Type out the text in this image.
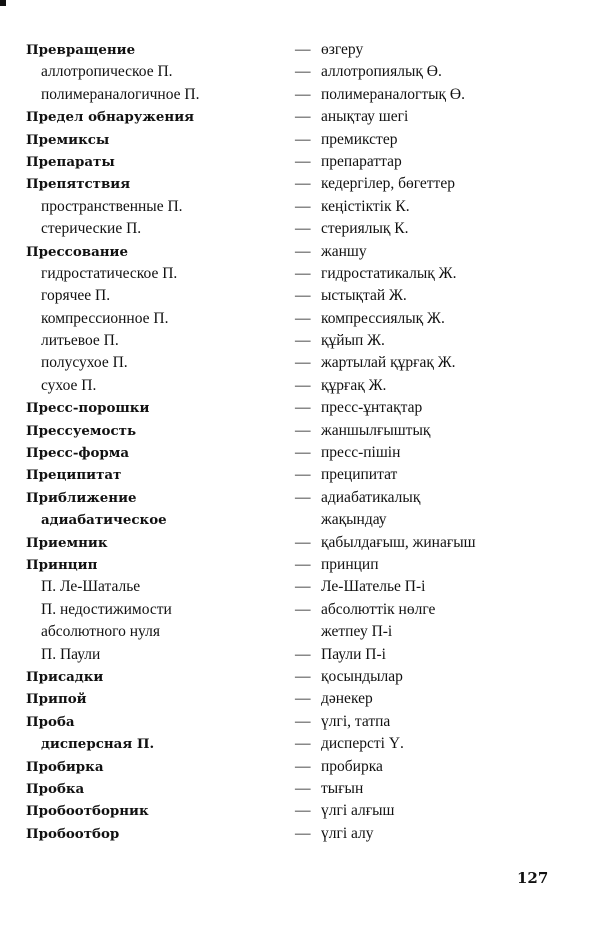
Превращение	— өзгеру
аллотропическое П.	— аллотропиялық Ө.
полимераналогичное П.	— полимераналогтық Ө.
Предел обнаружения	— анықтау шегі
Премиксы	— премикстер
Препараты	— препараттар
Препятствия	— кедергілер, бөгеттер
пространственные П.	— кеңістіктік К.
стерические П.	— стериялық К.
Прессование	— жаншу
гидростатическое П.	— гидростатикалық Ж.
горячее П.	— ыстықтай Ж.
компрессионное П.	— компрессиялық Ж.
литьевое П.	— құйып Ж.
полусухое П.	— жартылай құрғақ Ж.
сухое П.	— құрғақ Ж.
Пресс-порошки	— пресс-ұнтақтар
Прессуемость	— жаншылғыштық
Пресс-форма	— пресс-пішін
Преципитат	— преципитат
Приближение	— адиабатикалық
адиабатическое	жақындау
Приемник	— қабылдағыш, жинағыш
Принцип	— принцип
П. Ле-Шаталье	— Ле-Шателье П-і
П. недостижимости	— абсолюттік нөлге
абсолютного нуля	жетпеу П-і
П. Паули	— Паули П-і
Присадки	— қосындылар
Припой	— дәнекер
Проба	— үлгі, татпа
дисперсная П.	— дисперсті Ү.
Пробирка	— пробирка
Пробка	— тығын
Пробоотборник	— үлгі алғыш
Пробоотбор	— үлгі алу
127
